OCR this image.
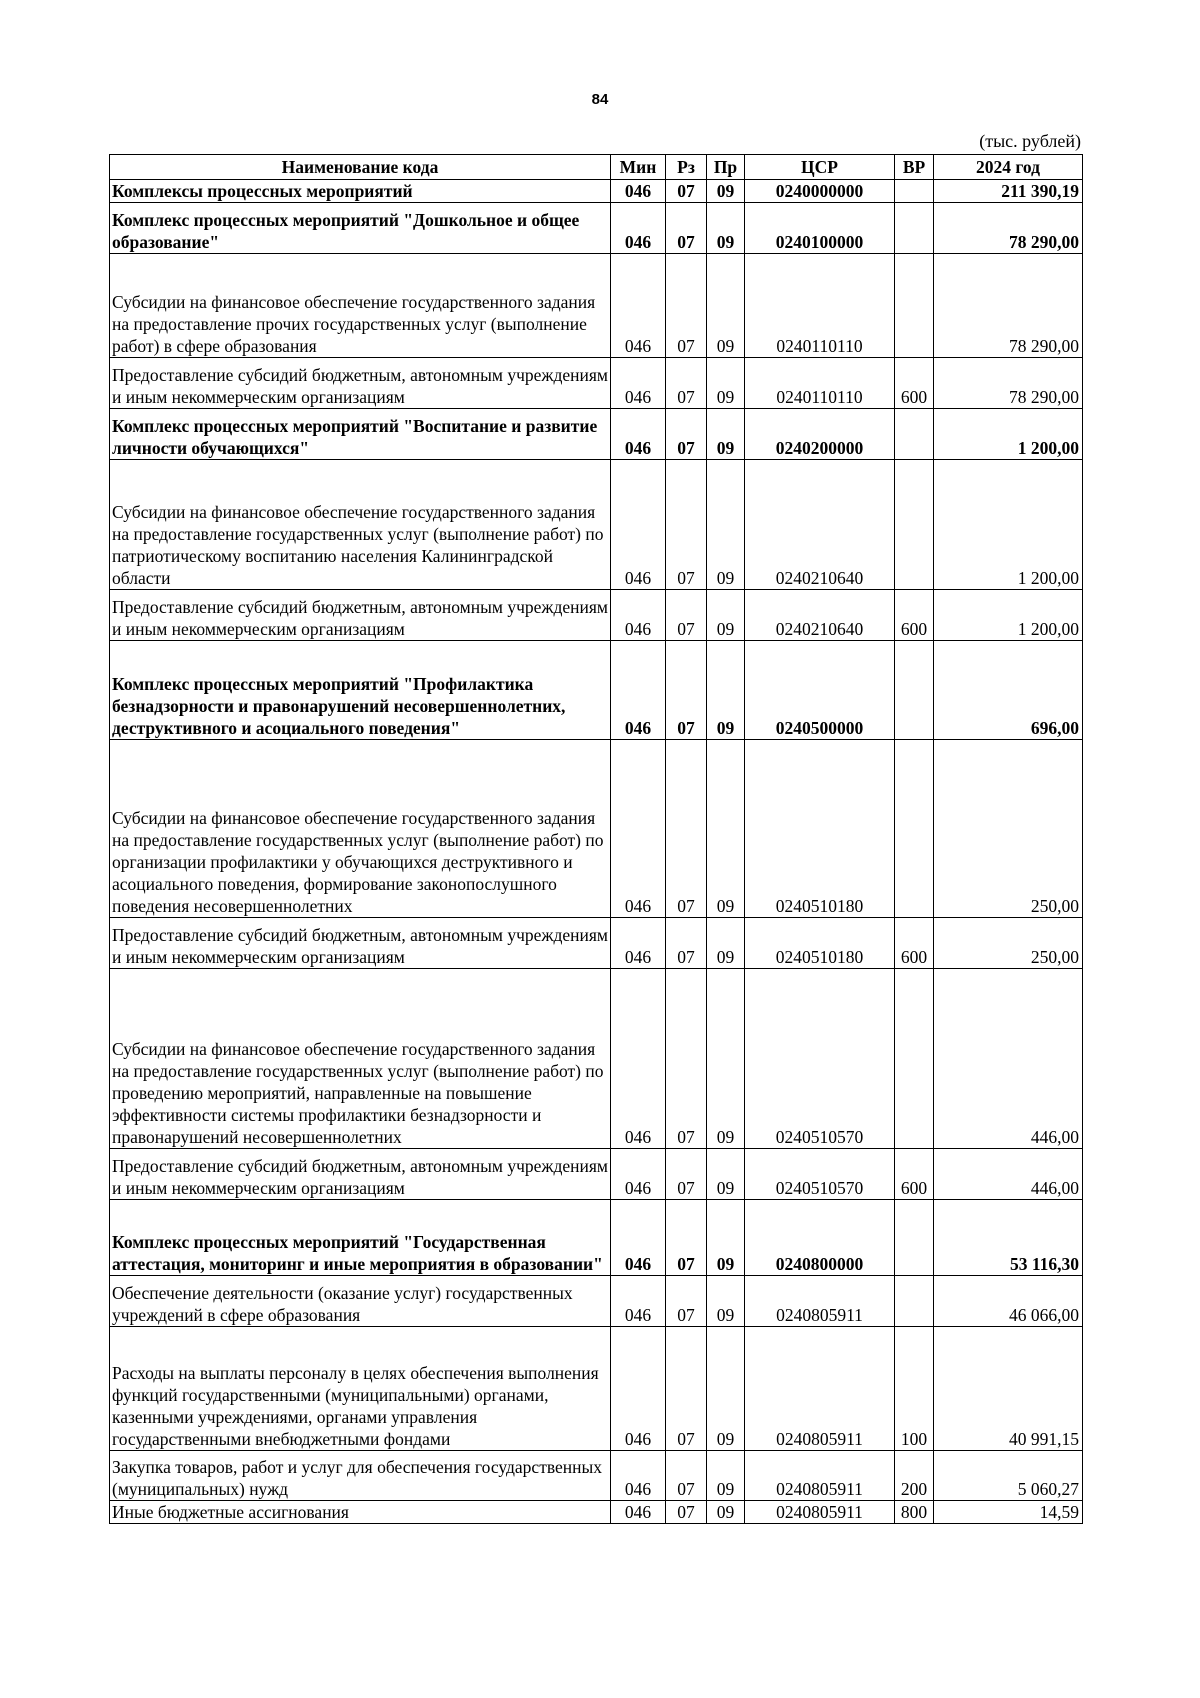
84
(тыс. рублей)
Наименование кода	Мин	Рз	Пр	ЦСР	ВР	2024 год
Комплексы процессных мероприятий	046	07	09	0240000000		211 390,19
Комплекс процессных мероприятий "Дошкольное и общее образование"	046	07	09	0240100000		78 290,00
Субсидии на финансовое обеспечение государственного задания на предоставление прочих государственных услуг (выполнение работ) в сфере образования	046	07	09	0240110110		78 290,00
Предоставление субсидий бюджетным, автономным учреждениям и иным некоммерческим организациям	046	07	09	0240110110	600	78 290,00
Комплекс процессных мероприятий "Воспитание и развитие личности обучающихся"	046	07	09	0240200000		1 200,00
Субсидии на финансовое обеспечение государственного задания на предоставление государственных услуг (выполнение работ) по патриотическому воспитанию населения Калининградской области	046	07	09	0240210640		1 200,00
Предоставление субсидий бюджетным, автономным учреждениям и иным некоммерческим организациям	046	07	09	0240210640	600	1 200,00
Комплекс процессных мероприятий "Профилактика безнадзорности и правонарушений несовершеннолетних, деструктивного и асоциального поведения"	046	07	09	0240500000		696,00
Субсидии на финансовое обеспечение государственного задания на предоставление государственных услуг (выполнение работ) по организации профилактики у обучающихся деструктивного и асоциального поведения, формирование законопослушного поведения несовершеннолетних	046	07	09	0240510180		250,00
Предоставление субсидий бюджетным, автономным учреждениям и иным некоммерческим организациям	046	07	09	0240510180	600	250,00
Субсидии на финансовое обеспечение государственного задания на предоставление государственных услуг (выполнение работ) по проведению мероприятий, направленные на повышение эффективности системы профилактики безнадзорности и правонарушений несовершеннолетних	046	07	09	0240510570		446,00
Предоставление субсидий бюджетным, автономным учреждениям и иным некоммерческим организациям	046	07	09	0240510570	600	446,00
Комплекс процессных мероприятий "Государственная аттестация, мониторинг и иные мероприятия в образовании"	046	07	09	0240800000		53 116,30
Обеспечение деятельности (оказание услуг) государственных учреждений в сфере образования	046	07	09	0240805911		46 066,00
Расходы на выплаты персоналу в целях обеспечения выполнения функций государственными (муниципальными) органами, казенными учреждениями, органами управления государственными внебюджетными фондами	046	07	09	0240805911	100	40 991,15
Закупка товаров, работ и услуг для обеспечения государственных (муниципальных) нужд	046	07	09	0240805911	200	5 060,27
Иные бюджетные ассигнования	046	07	09	0240805911	800	14,59
